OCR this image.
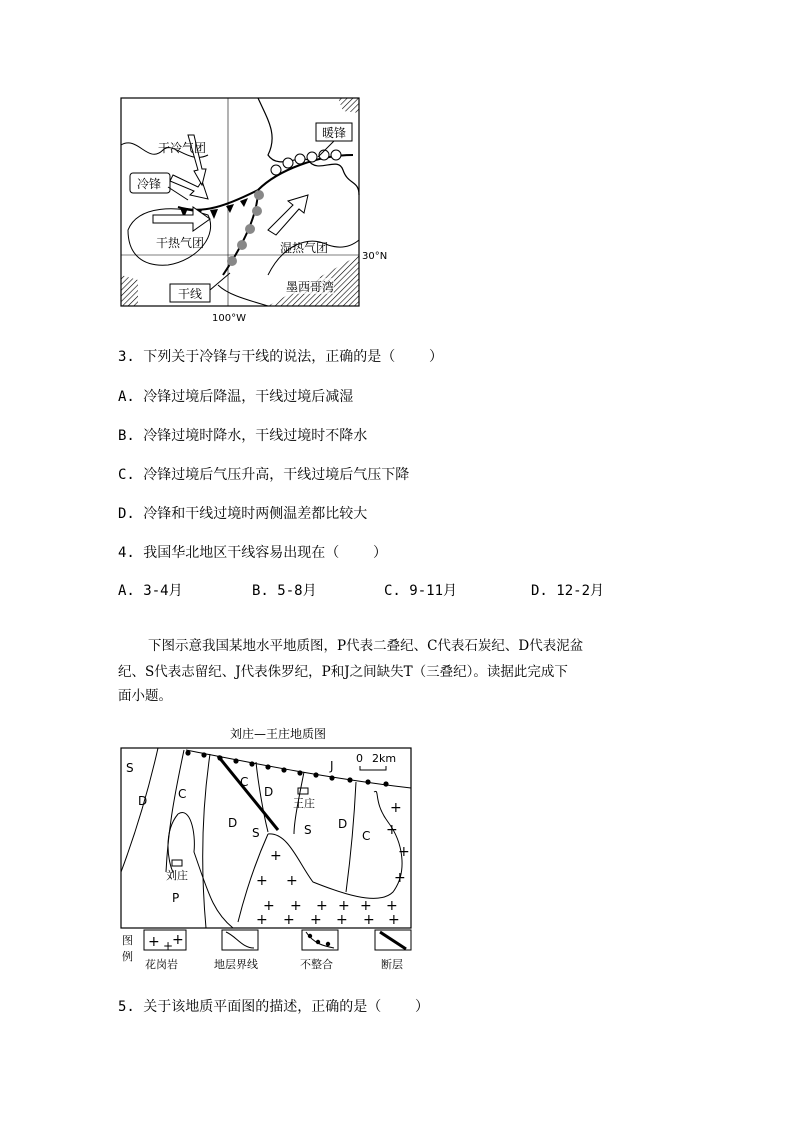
干冷气团
暖锋
冷锋
干热气团	湿热气团
干线	墨西哥湾
30°N
100°W
3. 下列关于冷锋与干线的说法，正确的是（    ）
A. 冷锋过境后降温，干线过境后减湿
B. 冷锋过境时降水，干线过境时不降水
C. 冷锋过境后气压升高，干线过境后气压下降
D. 冷锋和干线过境时两侧温差都比较大
4. 我国华北地区干线容易出现在（    ）
A. 3-4月	B. 5-8月	C. 9-11月	D. 12-2月
下图示意我国某地水平地质图，P代表二叠纪、C代表石炭纪、D代表泥盆
纪、S代表志留纪、J代表侏罗纪，P和J之间缺失T（三叠纪）。读据此完成下
面小题。
刘庄—王庄地质图
0 2km
+
+ +
+ + + + + +
+ + + + + +
+
+
+
+
S
D	C
C
D
D
S	S D
C
P
J
刘庄
王庄
图
例
+ +
+
花岗岩	地层界线	不整合	断层
5. 关于该地质平面图的描述，正确的是（    ）
